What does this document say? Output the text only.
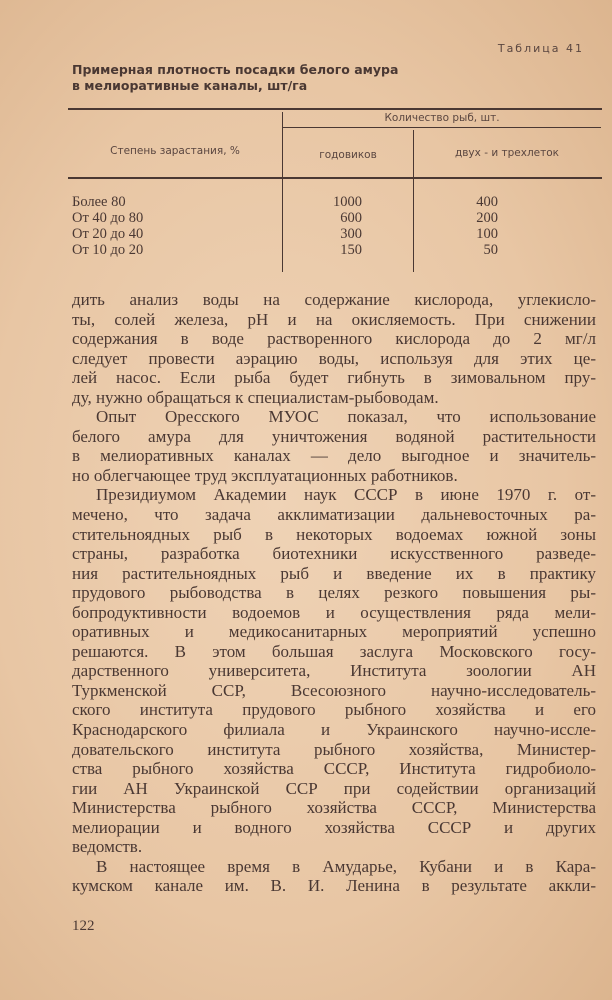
Таблица 41
Примерная плотность посадки белого амура
в мелиоративные каналы, шт/га
Степень зарастания, %
Количество рыб, шт.
годовиков	двух - и трехлеток
Более 80	1000	400
От 40 до 80	600	200
От 20 до 40	300	100
От 10 до 20	150	50
дить анализ воды на содержание кислорода, углекисло-
ты, солей железа, pH и на окисляемость. При снижении
содержания в воде растворенного кислорода до 2 мг/л
следует провести аэрацию воды, используя для этих це-
лей насос. Если рыба будет гибнуть в зимовальном пру-
ду, нужно обращаться к специалистам-рыбоводам.
Опыт Оресского МУОС показал, что использование
белого амура для уничтожения водяной растительности
в мелиоративных каналах — дело выгодное и значитель-
но облегчающее труд эксплуатационных работников.
Президиумом Академии наук СССР в июне 1970 г. от-
мечено, что задача акклиматизации дальневосточных ра-
стительноядных рыб в некоторых водоемах южной зоны
страны, разработка биотехники искусственного разведе-
ния растительноядных рыб и введение их в практику
прудового рыбоводства в целях резкого повышения ры-
бопродуктивности водоемов и осуществления ряда мели-
оративных и медикосанитарных мероприятий успешно
решаются. В этом большая заслуга Московского госу-
дарственного университета, Института зоологии АН
Туркменской ССР, Всесоюзного научно-исследователь-
ского института прудового рыбного хозяйства и его
Краснодарского филиала и Украинского научно-иссле-
довательского института рыбного хозяйства, Министер-
ства рыбного хозяйства СССР, Института гидробиоло-
гии АН Украинской ССР при содействии организаций
Министерства рыбного хозяйства СССР, Министерства
мелиорации и водного хозяйства СССР и других
ведомств.
В настоящее время в Амударье, Кубани и в Кара-
кумском канале им. В. И. Ленина в результате аккли-
122
